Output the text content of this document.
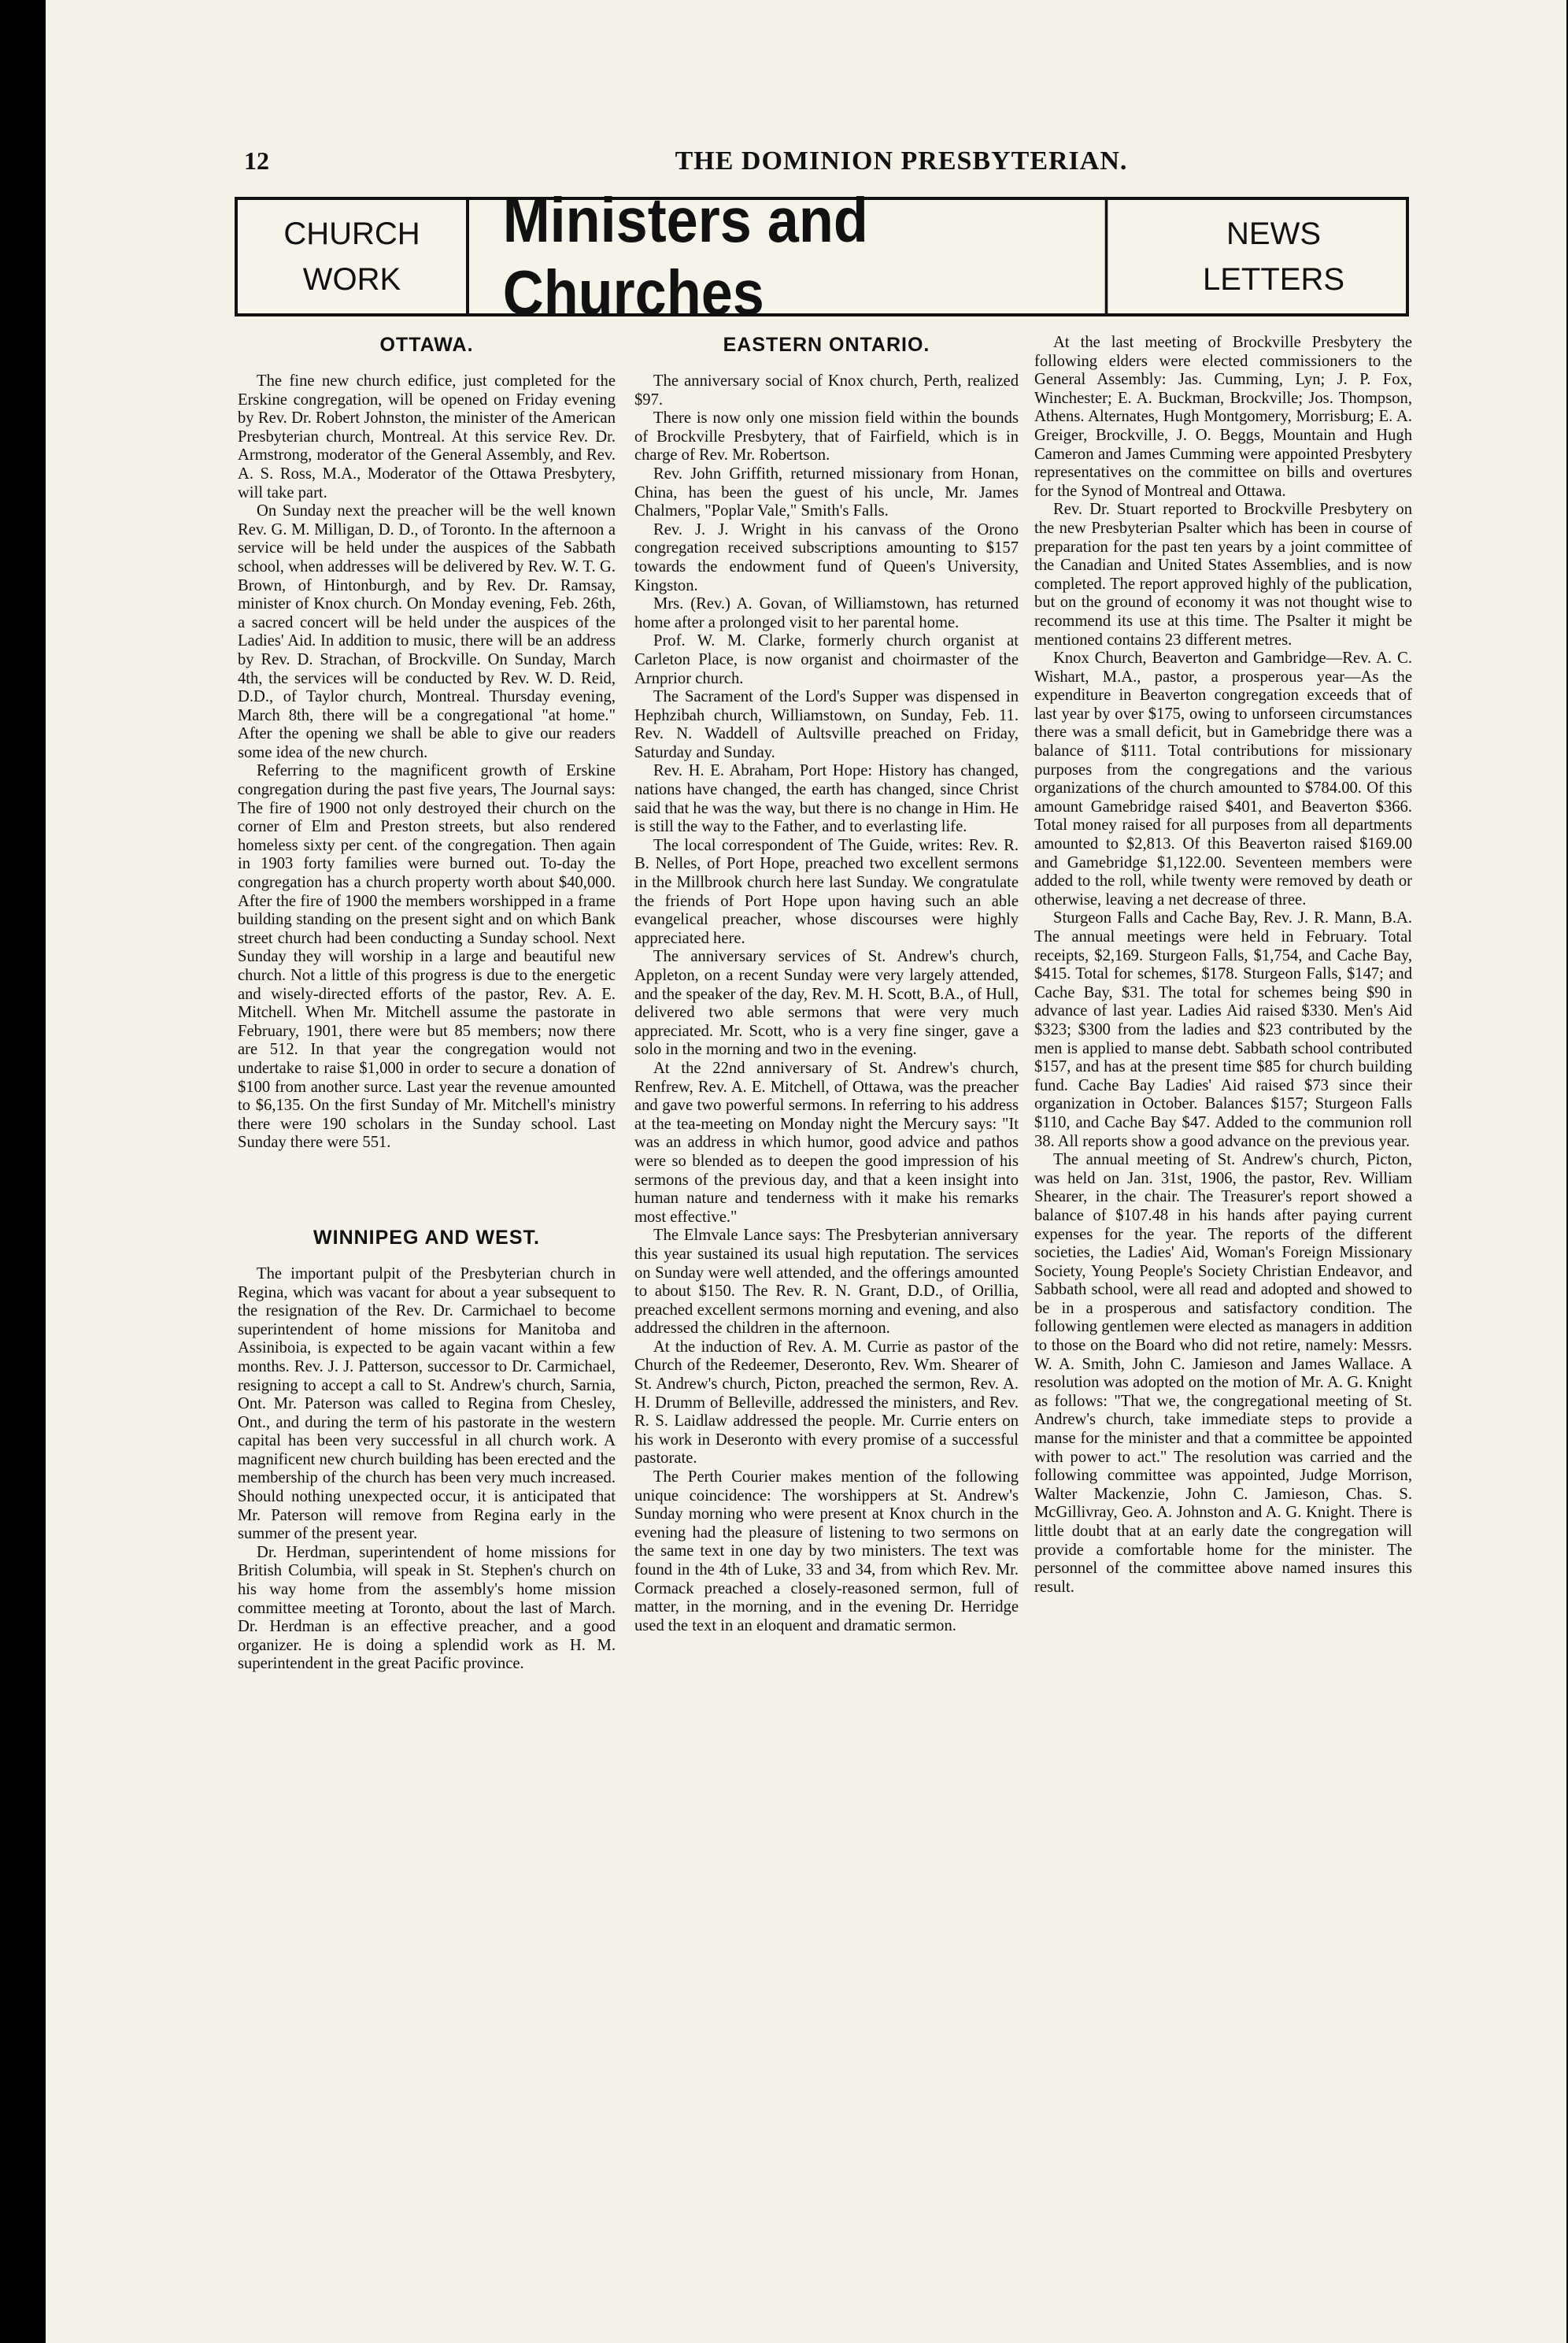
12	THE DOMINION PRESBYTERIAN.
CHURCH
WORK
Ministers and Churches
NEWS
LETTERS
OTTAWA.

The fine new church edifice, just completed for the Erskine congregation, will be opened on Friday evening by Rev. Dr. Robert Johnston, the minister of the American Presbyterian church, Montreal. At this service Rev. Dr. Armstrong, moderator of the General Assembly, and Rev. A. S. Ross, M.A., Moderator of the Ottawa Presbytery, will take part.

On Sunday next the preacher will be the well known Rev. G. M. Milligan, D. D., of Toronto. In the afternoon a service will be held under the auspices of the Sabbath school, when addresses will be delivered by Rev. W. T. G. Brown, of Hintonburgh, and by Rev. Dr. Ramsay, minister of Knox church. On Monday evening, Feb. 26th, a sacred concert will be held under the auspices of the Ladies' Aid. In addition to music, there will be an address by Rev. D. Strachan, of Brockville. On Sunday, March 4th, the services will be conducted by Rev. W. D. Reid, D.D., of Taylor church, Montreal. Thursday evening, March 8th, there will be a congregational "at home." After the opening we shall be able to give our readers some idea of the new church.

Referring to the magnificent growth of Erskine congregation during the past five years, The Journal says: The fire of 1900 not only destroyed their church on the corner of Elm and Preston streets, but also rendered homeless sixty per cent. of the congregation. Then again in 1903 forty families were burned out. To-day the congregation has a church property worth about $40,000. After the fire of 1900 the members worshipped in a frame building standing on the present sight and on which Bank street church had been conducting a Sunday school. Next Sunday they will worship in a large and beautiful new church. Not a little of this progress is due to the energetic and wisely-directed efforts of the pastor, Rev. A. E. Mitchell. When Mr. Mitchell assume the pastorate in February, 1901, there were but 85 members; now there are 512. In that year the congregation would not undertake to raise $1,000 in order to secure a donation of $100 from another surce. Last year the revenue amounted to $6,135. On the first Sunday of Mr. Mitchell's ministry there were 190 scholars in the Sunday school. Last Sunday there were 551.

WINNIPEG AND WEST.

The important pulpit of the Presbyterian church in Regina, which was vacant for about a year subsequent to the resignation of the Rev. Dr. Carmichael to become superintendent of home missions for Manitoba and Assiniboia, is expected to be again vacant within a few months. Rev. J. J. Patterson, successor to Dr. Carmichael, resigning to accept a call to St. Andrew's church, Sarnia, Ont. Mr. Paterson was called to Regina from Chesley, Ont., and during the term of his pastorate in the western capital has been very successful in all church work. A magnificent new church building has been erected and the membership of the church has been very much increased. Should nothing unexpected occur, it is anticipated that Mr. Paterson will remove from Regina early in the summer of the present year.

Dr. Herdman, superintendent of home missions for British Columbia, will speak in St. Stephen's church on his way home from the assembly's home mission committee meeting at Toronto, about the last of March. Dr. Herdman is an effective preacher, and a good organizer. He is doing a splendid work as H. M. superintendent in the great Pacific province.

EASTERN ONTARIO.

The anniversary social of Knox church, Perth, realized $97.

There is now only one mission field within the bounds of Brockville Presbytery, that of Fairfield, which is in charge of Rev. Mr. Robertson.

Rev. John Griffith, returned missionary from Honan, China, has been the guest of his uncle, Mr. James Chalmers, "Poplar Vale," Smith's Falls.

Rev. J. J. Wright in his canvass of the Orono congregation received subscriptions amounting to $157 towards the endowment fund of Queen's University, Kingston.

Mrs. (Rev.) A. Govan, of Williamstown, has returned home after a prolonged visit to her parental home.

Prof. W. M. Clarke, formerly church organist at Carleton Place, is now organist and choirmaster of the Arnprior church.

The Sacrament of the Lord's Supper was dispensed in Hephzibah church, Williamstown, on Sunday, Feb. 11. Rev. N. Waddell of Aultsville preached on Friday, Saturday and Sunday.

Rev. H. E. Abraham, Port Hope: History has changed, nations have changed, the earth has changed, since Christ said that he was the way, but there is no change in Him. He is still the way to the Father, and to everlasting life.

The local correspondent of The Guide, writes: Rev. R. B. Nelles, of Port Hope, preached two excellent sermons in the Millbrook church here last Sunday. We congratulate the friends of Port Hope upon having such an able evangelical preacher, whose discourses were highly appreciated here.

The anniversary services of St. Andrew's church, Appleton, on a recent Sunday were very largely attended, and the speaker of the day, Rev. M. H. Scott, B.A., of Hull, delivered two able sermons that were very much appreciated. Mr. Scott, who is a very fine singer, gave a solo in the morning and two in the evening.

At the 22nd anniversary of St. Andrew's church, Renfrew, Rev. A. E. Mitchell, of Ottawa, was the preacher and gave two powerful sermons. In referring to his address at the tea-meeting on Monday night the Mercury says: "It was an address in which humor, good advice and pathos were so blended as to deepen the good impression of his sermons of the previous day, and that a keen insight into human nature and tenderness with it make his remarks most effective."

The Elmvale Lance says: The Presbyterian anniversary this year sustained its usual high reputation. The services on Sunday were well attended, and the offerings amounted to about $150. The Rev. R. N. Grant, D.D., of Orillia, preached excellent sermons morning and evening, and also addressed the children in the afternoon.

At the induction of Rev. A. M. Currie as pastor of the Church of the Redeemer, Deseronto, Rev. Wm. Shearer of St. Andrew's church, Picton, preached the sermon, Rev. A. H. Drumm of Belleville, addressed the ministers, and Rev. R. S. Laidlaw addressed the people. Mr. Currie enters on his work in Deseronto with every promise of a successful pastorate.

The Perth Courier makes mention of the following unique coincidence: The worshippers at St. Andrew's Sunday morning who were present at Knox church in the evening had the pleasure of listening to two sermons on the same text in one day by two ministers. The text was found in the 4th of Luke, 33 and 34, from which Rev. Mr. Cormack preached a closely-reasoned sermon, full of matter, in the morning, and in the evening Dr. Herridge used the text in an eloquent and dramatic sermon.

At the last meeting of Brockville Presbytery the following elders were elected commissioners to the General Assembly: Jas. Cumming, Lyn; J. P. Fox, Winchester; E. A. Buckman, Brockville; Jos. Thompson, Athens. Alternates, Hugh Montgomery, Morrisburg; E. A. Greiger, Brockville, J. O. Beggs, Mountain and Hugh Cameron and James Cumming were appointed Presbytery representatives on the committee on bills and overtures for the Synod of Montreal and Ottawa.

Rev. Dr. Stuart reported to Brockville Presbytery on the new Presbyterian Psalter which has been in course of preparation for the past ten years by a joint committee of the Canadian and United States Assemblies, and is now completed. The report approved highly of the publication, but on the ground of economy it was not thought wise to recommend its use at this time. The Psalter it might be mentioned contains 23 different metres.

Knox Church, Beaverton and Gambridge—Rev. A. C. Wishart, M.A., pastor, a prosperous year—As the expenditure in Beaverton congregation exceeds that of last year by over $175, owing to unforseen circumstances there was a small deficit, but in Gamebridge there was a balance of $111. Total contributions for missionary purposes from the congregations and the various organizations of the church amounted to $784.00. Of this amount Gamebridge raised $401, and Beaverton $366. Total money raised for all purposes from all departments amounted to $2,813. Of this Beaverton raised $169.00 and Gamebridge $1,122.00. Seventeen members were added to the roll, while twenty were removed by death or otherwise, leaving a net decrease of three.

Sturgeon Falls and Cache Bay, Rev. J. R. Mann, B.A. The annual meetings were held in February. Total receipts, $2,169. Sturgeon Falls, $1,754, and Cache Bay, $415. Total for schemes, $178. Sturgeon Falls, $147; and Cache Bay, $31. The total for schemes being $90 in advance of last year. Ladies Aid raised $330. Men's Aid $323; $300 from the ladies and $23 contributed by the men is applied to manse debt. Sabbath school contributed $157, and has at the present time $85 for church building fund. Cache Bay Ladies' Aid raised $73 since their organization in October. Balances $157; Sturgeon Falls $110, and Cache Bay $47. Added to the communion roll 38. All reports show a good advance on the previous year.

The annual meeting of St. Andrew's church, Picton, was held on Jan. 31st, 1906, the pastor, Rev. William Shearer, in the chair. The Treasurer's report showed a balance of $107.48 in his hands after paying current expenses for the year. The reports of the different societies, the Ladies' Aid, Woman's Foreign Missionary Society, Young People's Society Christian Endeavor, and Sabbath school, were all read and adopted and showed to be in a prosperous and satisfactory condition. The following gentlemen were elected as managers in addition to those on the Board who did not retire, namely: Messrs. W. A. Smith, John C. Jamieson and James Wallace. A resolution was adopted on the motion of Mr. A. G. Knight as follows: "That we, the congregational meeting of St. Andrew's church, take immediate steps to provide a manse for the minister and that a committee be appointed with power to act." The resolution was carried and the following committee was appointed, Judge Morrison, Walter Mackenzie, John C. Jamieson, Chas. S. McGillivray, Geo. A. Johnston and A. G. Knight. There is little doubt that at an early date the congregation will provide a comfortable home for the minister. The personnel of the committee above named insures this result.
